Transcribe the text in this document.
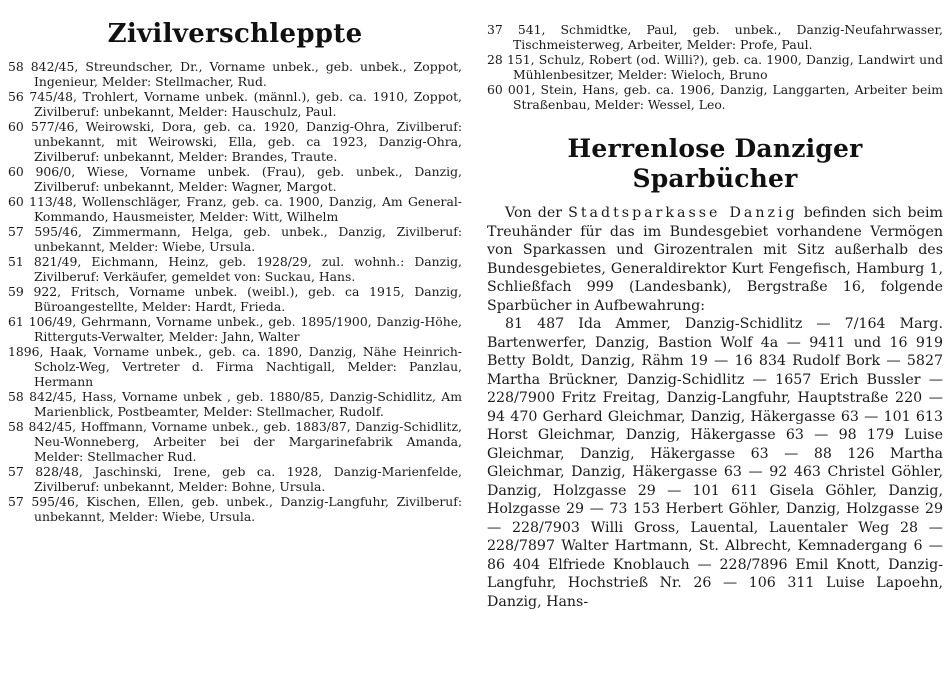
Zivilverschleppte

58 842/45, Streundscher, Dr., Vorname unbek., geb. unbek., Zoppot, Ingenieur, Melder: Stellmacher, Rud.

56 745/48, Trohlert, Vorname unbek. (männl.), geb. ca. 1910, Zoppot, Zivilberuf: unbekannt, Melder: Hauschulz, Paul.

60 577/46, Weirowski, Dora, geb. ca. 1920, Danzig-Ohra, Zivilberuf: unbekannt, mit Weirowski, Ella, geb. ca 1923, Danzig-Ohra, Zivilberuf: unbekannt, Melder: Brandes, Traute.

60 906/0, Wiese, Vorname unbek. (Frau), geb. unbek., Danzig, Zivilberuf: unbekannt, Melder: Wagner, Margot.

60 113/48, Wollenschläger, Franz, geb. ca. 1900, Danzig, Am General-Kommando, Hausmeister, Melder: Witt, Wilhelm

57 595/46, Zimmermann, Helga, geb. unbek., Danzig, Zivilberuf: unbekannt, Melder: Wiebe, Ursula.

51 821/49, Eichmann, Heinz, geb. 1928/29, zul. wohnh.: Danzig, Zivilberuf: Verkäufer, gemeldet von: Suckau, Hans.

59 922, Fritsch, Vorname unbek. (weibl.), geb. ca 1915, Danzig, Büroangestellte, Melder: Hardt, Frieda.

61 106/49, Gehrmann, Vorname unbek., geb. 1895/1900, Danzig-Höhe, Ritterguts-Verwalter, Melder: Jahn, Walter

1896, Haak, Vorname unbek., geb. ca. 1890, Danzig, Nähe Heinrich-Scholz-Weg, Vertreter d. Firma Nachtigall, Melder: Panzlau, Hermann

58 842/45, Hass, Vorname unbek , geb. 1880/85, Danzig-Schidlitz, Am Marienblick, Postbeamter, Melder: Stellmacher, Rudolf.

58 842/45, Hoffmann, Vorname unbek., geb. 1883/87, Danzig-Schidlitz, Neu-Wonneberg, Arbeiter bei der Margarinefabrik Amanda, Melder: Stellmacher Rud.

57 828/48, Jaschinski, Irene, geb ca. 1928, Danzig-Marienfelde, Zivilberuf: unbekannt, Melder: Bohne, Ursula.

57 595/46, Kischen, Ellen, geb. unbek., Danzig-Langfuhr, Zivilberuf: unbekannt, Melder: Wiebe, Ursula.

37 541, Schmidtke, Paul, geb. unbek., Danzig-Neufahrwasser, Tischmeisterweg, Arbeiter, Melder: Profe, Paul.

28 151, Schulz, Robert (od. Willi?), geb. ca. 1900, Danzig, Landwirt und Mühlenbesitzer, Melder: Wieloch, Bruno

60 001, Stein, Hans, geb. ca. 1906, Danzig, Langgarten, Arbeiter beim Straßenbau, Melder: Wessel, Leo.

Herrenlose Danziger Sparbücher

Von der Stadtsparkasse Danzig befinden sich beim Treuhänder für das im Bundesgebiet vorhandene Vermögen von Sparkassen und Girozentralen mit Sitz außerhalb des Bundesgebietes, Generaldirektor Kurt Fengefisch, Hamburg 1, Schließfach 999 (Landesbank), Bergstraße 16, folgende Sparbücher in Aufbewahrung:

81 487 Ida Ammer, Danzig-Schidlitz — 7/164 Marg. Bartenwerfer, Danzig, Bastion Wolf 4a — 9411 und 16 919 Betty Boldt, Danzig, Rähm 19 — 16 834 Rudolf Bork — 5827 Martha Brückner, Danzig-Schidlitz — 1657 Erich Bussler — 228/7900 Fritz Freitag, Danzig-Langfuhr, Hauptstraße 220 — 94 470 Gerhard Gleichmar, Danzig, Häkergasse 63 — 101 613 Horst Gleichmar, Danzig, Häkergasse 63 — 98 179 Luise Gleichmar, Danzig, Häkergasse 63 — 88 126 Martha Gleichmar, Danzig, Häkergasse 63 — 92 463 Christel Göhler, Danzig, Holzgasse 29 — 101 611 Gisela Göhler, Danzig, Holzgasse 29 — 73 153 Herbert Göhler, Danzig, Holzgasse 29 — 228/7903 Willi Gross, Lauental, Lauentaler Weg 28 — 228/7897 Walter Hartmann, St. Albrecht, Kemnadergang 6 — 86 404 Elfriede Knoblauch — 228/7896 Emil Knott, Danzig-Langfuhr, Hochstrieß Nr. 26 — 106 311 Luise Lapoehn, Danzig, Hans-
